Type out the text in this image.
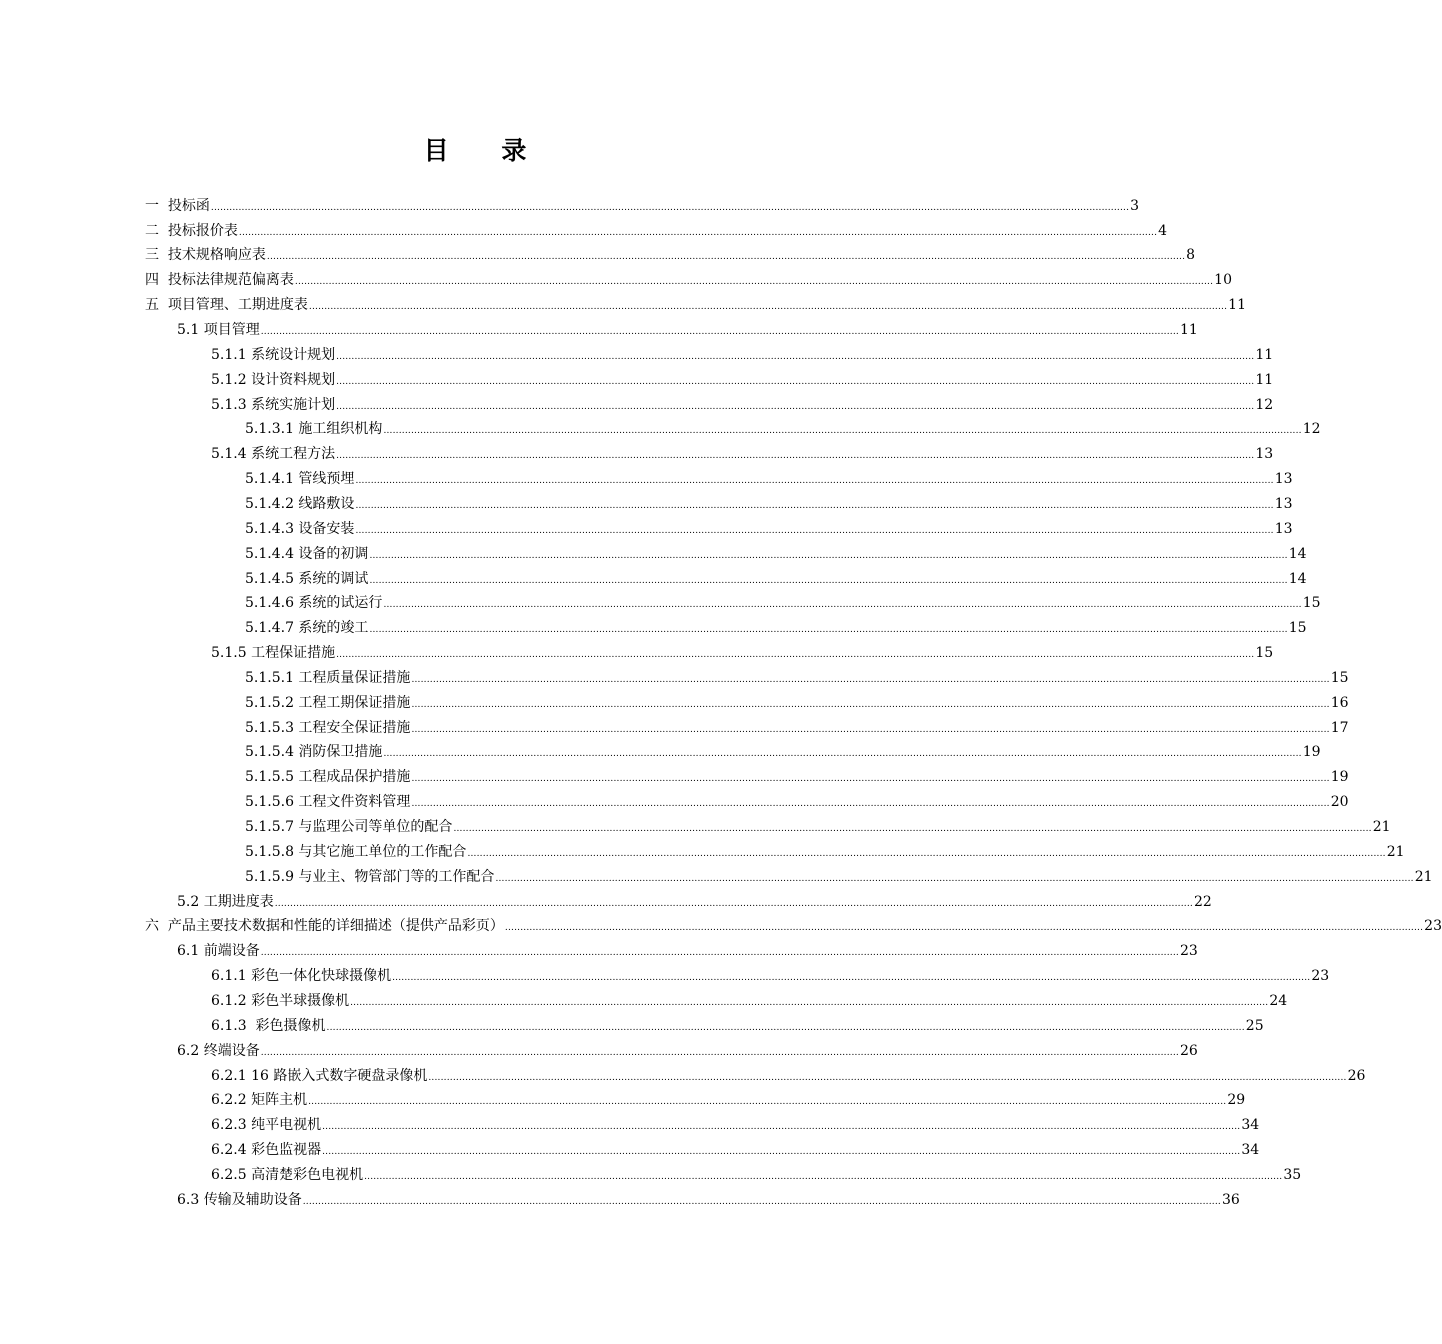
目 录
一  投标函 ............................................................................................................................................................................................................................................................................................................ 3
二  投标报价表 ............................................................................................................................................................................................................................................................................................................ 4
三  技术规格响应表 ............................................................................................................................................................................................................................................................................................................ 8
四  投标法律规范偏离表 ............................................................................................................................................................................................................................................................................................................ 10
五  项目管理、工期进度表 ............................................................................................................................................................................................................................................................................................................ 11
5.1 项目管理 ............................................................................................................................................................................................................................................................................................................ 11
5.1.1 系统设计规划 ............................................................................................................................................................................................................................................................................................................ 11
5.1.2 设计资料规划 ............................................................................................................................................................................................................................................................................................................ 11
5.1.3 系统实施计划 ............................................................................................................................................................................................................................................................................................................ 12
5.1.3.1 施工组织机构 ............................................................................................................................................................................................................................................................................................................ 12
5.1.4 系统工程方法 ............................................................................................................................................................................................................................................................................................................ 13
5.1.4.1 管线预埋 ............................................................................................................................................................................................................................................................................................................ 13
5.1.4.2 线路敷设 ............................................................................................................................................................................................................................................................................................................ 13
5.1.4.3 设备安装 ............................................................................................................................................................................................................................................................................................................ 13
5.1.4.4 设备的初调 ............................................................................................................................................................................................................................................................................................................ 14
5.1.4.5 系统的调试 ............................................................................................................................................................................................................................................................................................................ 14
5.1.4.6 系统的试运行 ............................................................................................................................................................................................................................................................................................................ 15
5.1.4.7 系统的竣工 ............................................................................................................................................................................................................................................................................................................ 15
5.1.5 工程保证措施 ............................................................................................................................................................................................................................................................................................................ 15
5.1.5.1 工程质量保证措施 ............................................................................................................................................................................................................................................................................................................ 15
5.1.5.2 工程工期保证措施 ............................................................................................................................................................................................................................................................................................................ 16
5.1.5.3 工程安全保证措施 ............................................................................................................................................................................................................................................................................................................ 17
5.1.5.4 消防保卫措施 ............................................................................................................................................................................................................................................................................................................ 19
5.1.5.5 工程成品保护措施 ............................................................................................................................................................................................................................................................................................................ 19
5.1.5.6 工程文件资料管理 ............................................................................................................................................................................................................................................................................................................ 20
5.1.5.7 与监理公司等单位的配合 ............................................................................................................................................................................................................................................................................................................ 21
5.1.5.8 与其它施工单位的工作配合 ............................................................................................................................................................................................................................................................................................................ 21
5.1.5.9 与业主、物管部门等的工作配合 ............................................................................................................................................................................................................................................................................................................ 21
5.2 工期进度表 ............................................................................................................................................................................................................................................................................................................ 22
六  产品主要技术数据和性能的详细描述（提供产品彩页） ............................................................................................................................................................................................................................................................................................................ 23
6.1 前端设备 ............................................................................................................................................................................................................................................................................................................ 23
6.1.1 彩色一体化快球摄像机 ............................................................................................................................................................................................................................................................................................................ 23
6.1.2 彩色半球摄像机 ............................................................................................................................................................................................................................................................................................................ 24
6.1.3  彩色摄像机 ............................................................................................................................................................................................................................................................................................................ 25
6.2 终端设备 ............................................................................................................................................................................................................................................................................................................ 26
6.2.1 16 路嵌入式数字硬盘录像机 ............................................................................................................................................................................................................................................................................................................ 26
6.2.2 矩阵主机 ............................................................................................................................................................................................................................................................................................................ 29
6.2.3 纯平电视机 ............................................................................................................................................................................................................................................................................................................ 34
6.2.4 彩色监视器 ............................................................................................................................................................................................................................................................................................................ 34
6.2.5 高清楚彩色电视机 ............................................................................................................................................................................................................................................................................................................ 35
6.3 传输及辅助设备 ............................................................................................................................................................................................................................................................................................................ 36
